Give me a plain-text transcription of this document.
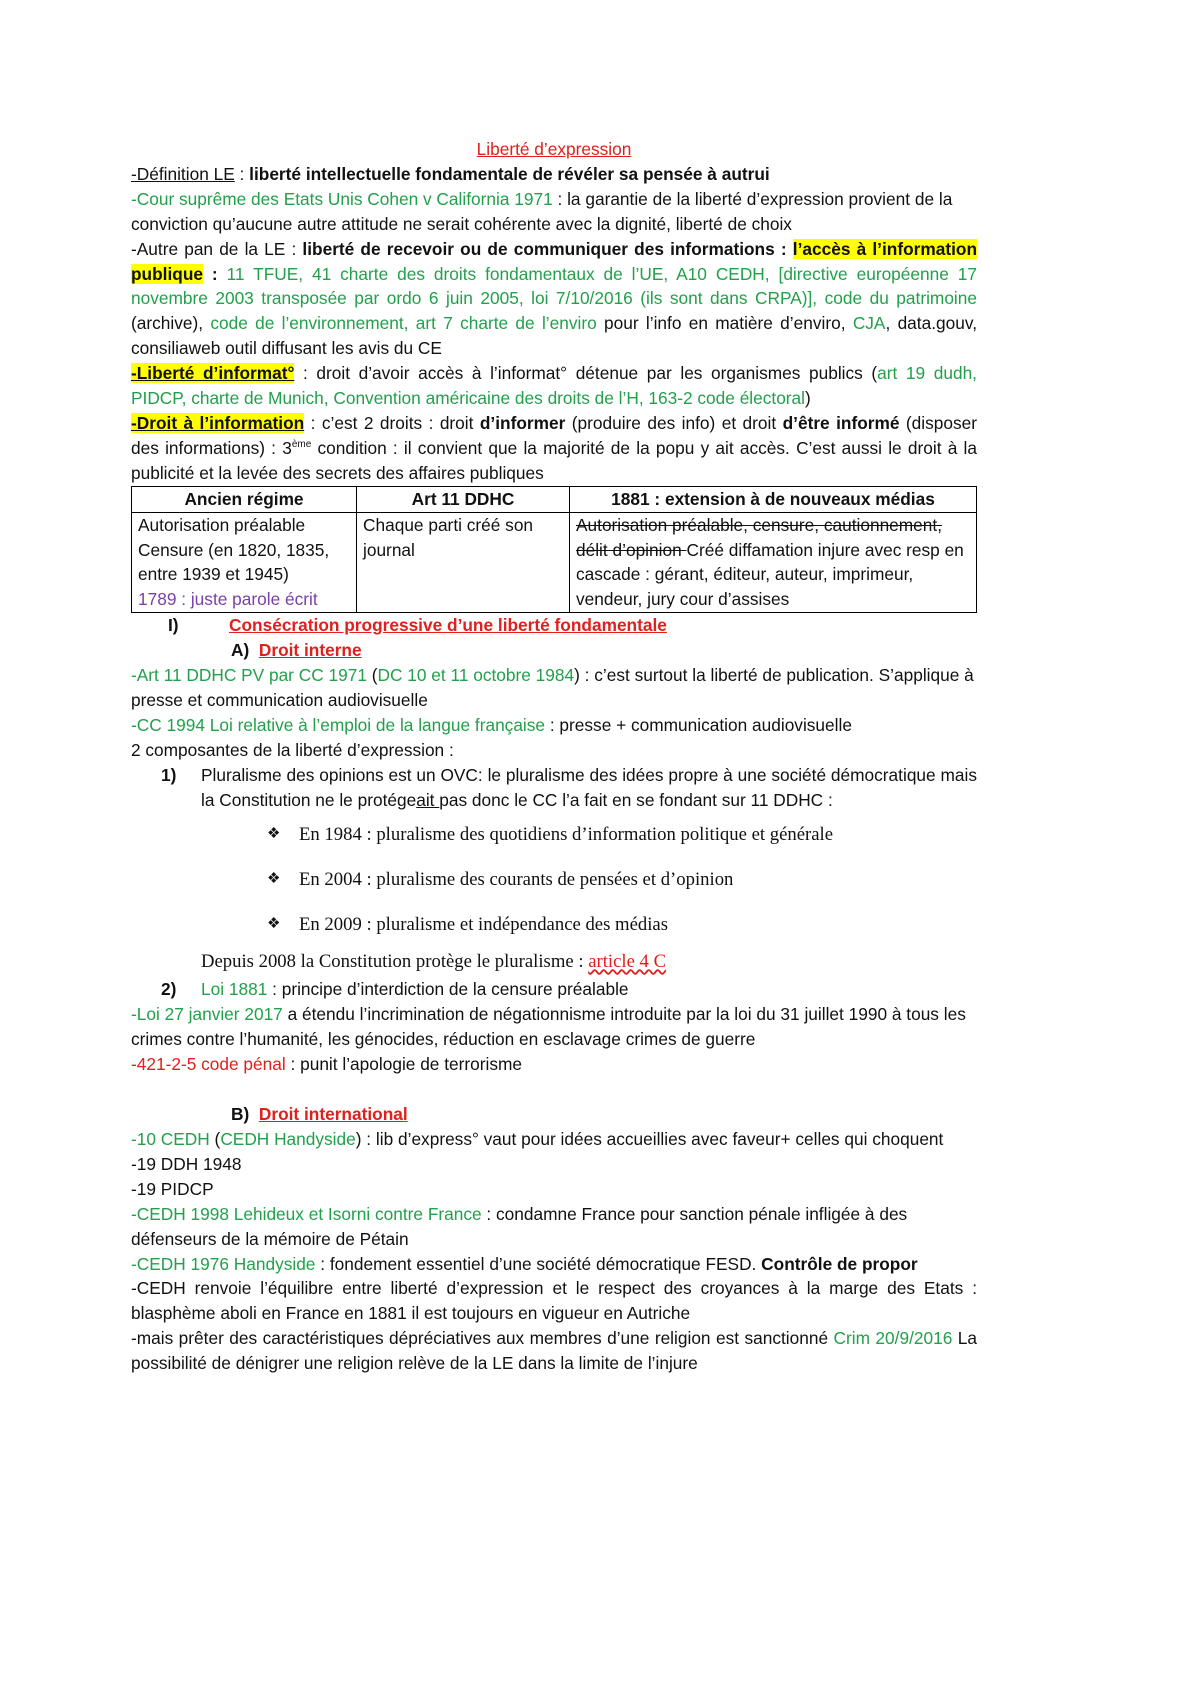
Liberté d’expression

-Définition LE : liberté intellectuelle fondamentale de révéler sa pensée à autrui

-Cour suprême des Etats Unis Cohen v California 1971 : la garantie de la liberté d’expression provient de la conviction qu’aucune autre attitude ne serait cohérente avec la dignité, liberté de choix

-Autre pan de la LE : liberté de recevoir ou de communiquer des informations : l’accès à l’information publique : 11 TFUE, 41 charte des droits fondamentaux de l’UE, A10 CEDH, [directive européenne 17 novembre 2003 transposée par ordo 6 juin 2005, loi 7/10/2016 (ils sont dans CRPA)], code du patrimoine (archive), code de l’environnement, art 7 charte de l’enviro pour l’info en matière d’enviro, CJA, data.gouv, consiliaweb outil diffusant les avis du CE

-Liberté d’informat° : droit d’avoir accès à l’informat° détenue par les organismes publics (art 19 dudh, PIDCP, charte de Munich, Convention américaine des droits de l’H, 163-2 code électoral)

-Droit à l’information : c’est 2 droits : droit d’informer (produire des info) et droit d’être informé (disposer des informations) : 3ème condition : il convient que la majorité de la popu y ait accès. C’est aussi le droit à la publicité et la levée des secrets des affaires publiques

Ancien régime	Art 11 DDHC	1881 : extension à de nouveaux médias

Autorisation préalable
Censure (en 1820, 1835, entre 1939 et 1945)
1789 : juste parole écrit	Chaque parti créé son journal	Autorisation préalable, censure, cautionnement, délit d’opinion Créé diffamation injure avec resp en cascade : gérant, éditeur, auteur, imprimeur, vendeur, jury cour d’assises
I)	Consécration progressive d’une liberté fondamentale
A) Droit interne

-Art 11 DDHC PV par CC 1971 (DC 10 et 11 octobre 1984) : c’est surtout la liberté de publication. S’applique à presse et communication audiovisuelle

-CC 1994 Loi relative à l’emploi de la langue française : presse + communication audiovisuelle

2 composantes de la liberté d’expression :

1)	Pluralisme des opinions est un OVC: le pluralisme des idées propre à une société démocratique mais la Constitution ne le protégeait pas donc le CC l’a fait en se fondant sur 11 DDHC :
❖ En 1984 : pluralisme des quotidiens d’information politique et générale
❖ En 2004 : pluralisme des courants de pensées et d’opinion
❖ En 2009 : pluralisme et indépendance des médias

Depuis 2008 la Constitution protège le pluralisme : article 4 C

2)	Loi 1881 : principe d’interdiction de la censure préalable

-Loi 27 janvier 2017 a étendu l’incrimination de négationnisme introduite par la loi du 31 juillet 1990 à tous les crimes contre l’humanité, les génocides, réduction en esclavage crimes de guerre

-421-2-5 code pénal : punit l’apologie de terrorisme

B) Droit international

-10 CEDH (CEDH Handyside) : lib d’express° vaut pour idées accueillies avec faveur+ celles qui choquent

-19 DDH 1948

-19 PIDCP

-CEDH 1998 Lehideux et Isorni contre France : condamne France pour sanction pénale infligée à des défenseurs de la mémoire de Pétain

-CEDH 1976 Handyside : fondement essentiel d’une société démocratique FESD. Contrôle de propor

-CEDH renvoie l’équilibre entre liberté d’expression et le respect des croyances à la marge des Etats : blasphème aboli en France en 1881 il est toujours en vigueur en Autriche

-mais prêter des caractéristiques dépréciatives aux membres d’une religion est sanctionné Crim 20/9/2016 La possibilité de dénigrer une religion relève de la LE dans la limite de l’injure
